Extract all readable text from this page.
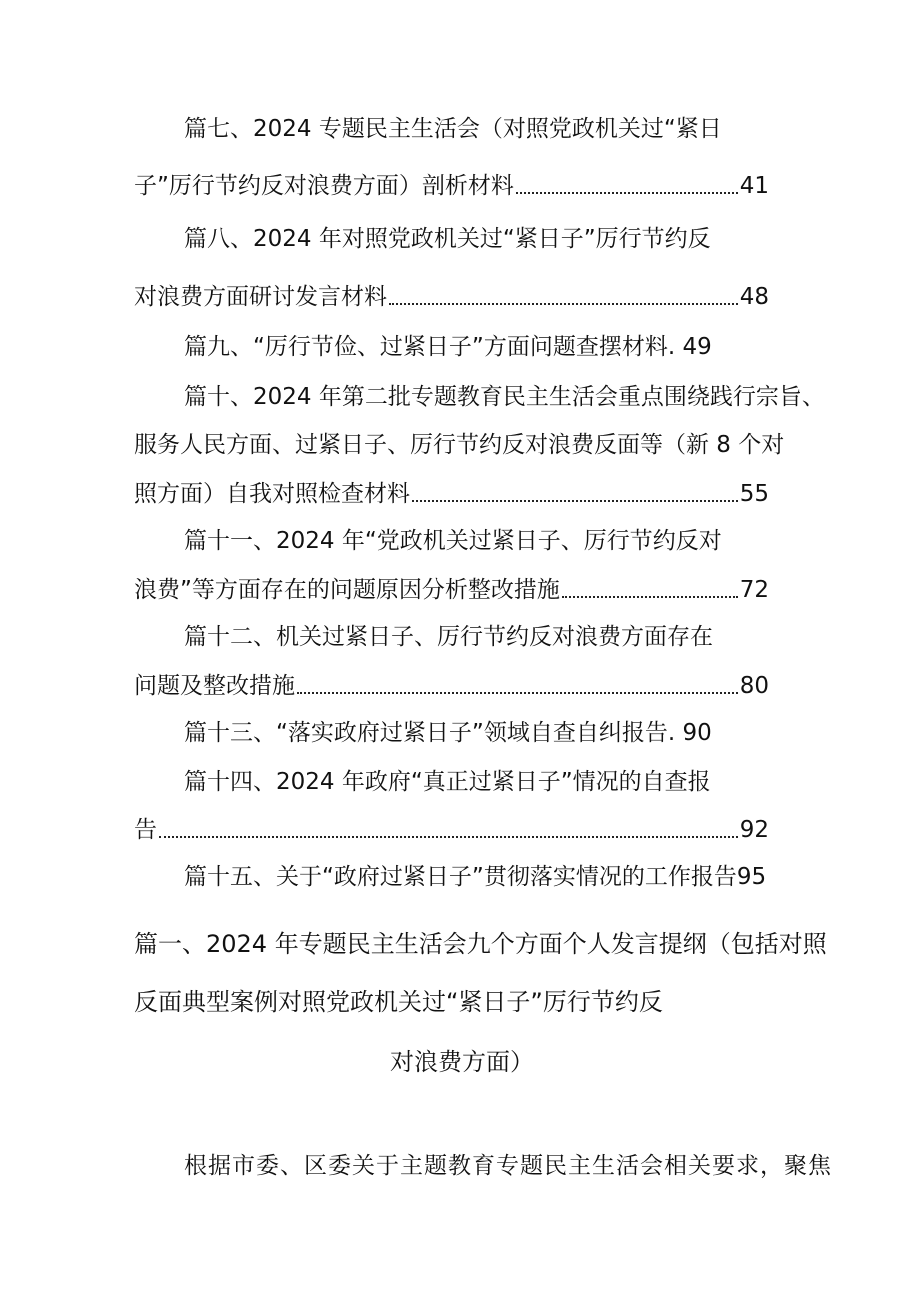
篇七、2024 专题民主生活会（对照党政机关过“紧日
子”厉行节约反对浪费方面）剖析材料	41
篇八、2024 年对照党政机关过“紧日子”厉行节约反
对浪费方面研讨发言材料	48
篇九、“厉行节俭、过紧日子”方面问题查摆材料. 49
篇十、2024 年第二批专题教育民主生活会重点围绕践行宗旨、
服务人民方面、过紧日子、厉行节约反对浪费反面等（新 8 个对
照方面）自我对照检查材料	55
篇十一、2024 年“党政机关过紧日子、厉行节约反对
浪费”等方面存在的问题原因分析整改措施	72
篇十二、机关过紧日子、厉行节约反对浪费方面存在
问题及整改措施	80
篇十三、“落实政府过紧日子”领域自查自纠报告. 90
篇十四、2024 年政府“真正过紧日子”情况的自查报
告	92
篇十五、关于“政府过紧日子”贯彻落实情况的工作报告95
篇一、2024 年专题民主生活会九个方面个人发言提纲（包括对照
反面典型案例对照党政机关过“紧日子”厉行节约反
对浪费方面）
根据市委、区委关于主题教育专题民主生活会相关要求，聚焦
